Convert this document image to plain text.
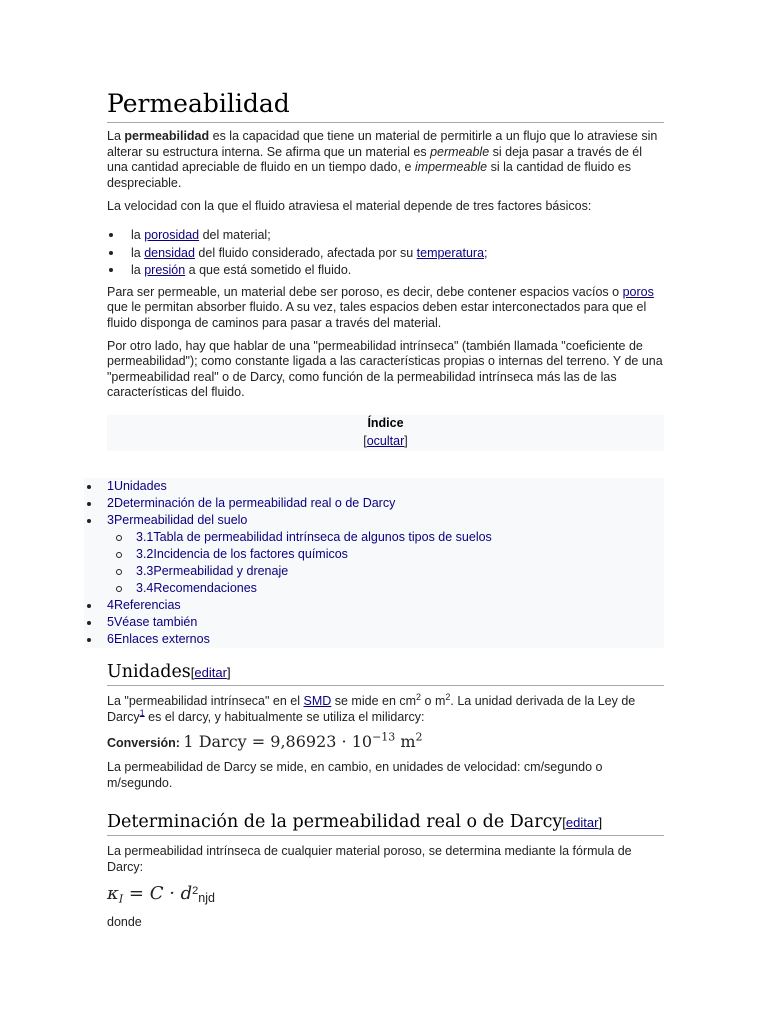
Permeabilidad

La permeabilidad es la capacidad que tiene un material de permitirle a un flujo que lo atraviese sin alterar su estructura interna. Se afirma que un material es permeable si deja pasar a través de él una cantidad apreciable de fluido en un tiempo dado, e impermeable si la cantidad de fluido es despreciable.

La velocidad con la que el fluido atraviesa el material depende de tres factores básicos:

la porosidad del material;
la densidad del fluido considerado, afectada por su temperatura;
la presión a que está sometido el fluido.

Para ser permeable, un material debe ser poroso, es decir, debe contener espacios vacíos o poros que le permitan absorber fluido. A su vez, tales espacios deben estar interconectados para que el fluido disponga de caminos para pasar a través del material.

Por otro lado, hay que hablar de una "permeabilidad intrínseca" (también llamada "coeficiente de permeabilidad"); como constante ligada a las características propias o internas del terreno. Y de una "permeabilidad real" o de Darcy, como función de la permeabilidad intrínseca más las de las características del fluido.

Índice
[ocultar]
1Unidades
2Determinación de la permeabilidad real o de Darcy
3Permeabilidad del suelo
3.1Tabla de permeabilidad intrínseca de algunos tipos de suelos
3.2Incidencia de los factores químicos
3.3Permeabilidad y drenaje
3.4Recomendaciones
4Referencias
5Véase también
6Enlaces externos
Unidades[editar]

La "permeabilidad intrínseca" en el SMD se mide en $cm^2$ o $m^2$. La unidad derivada de la Ley de Darcy$^1$ es el darcy, y habitualmente se utiliza el milidarcy:

Conversión: 1 Darcy = $9,86923 \cdot 10^{-13}$ $m^2$

La permeabilidad de Darcy se mide, en cambio, en unidades de velocidad: cm/segundo o m/segundo.

Determinación de la permeabilidad real o de Darcy[editar]

La permeabilidad intrínseca de cualquier material poroso, se determina mediante la fórmula de Darcy:

$\kappa_I = C \cdot d^2njd$

donde
